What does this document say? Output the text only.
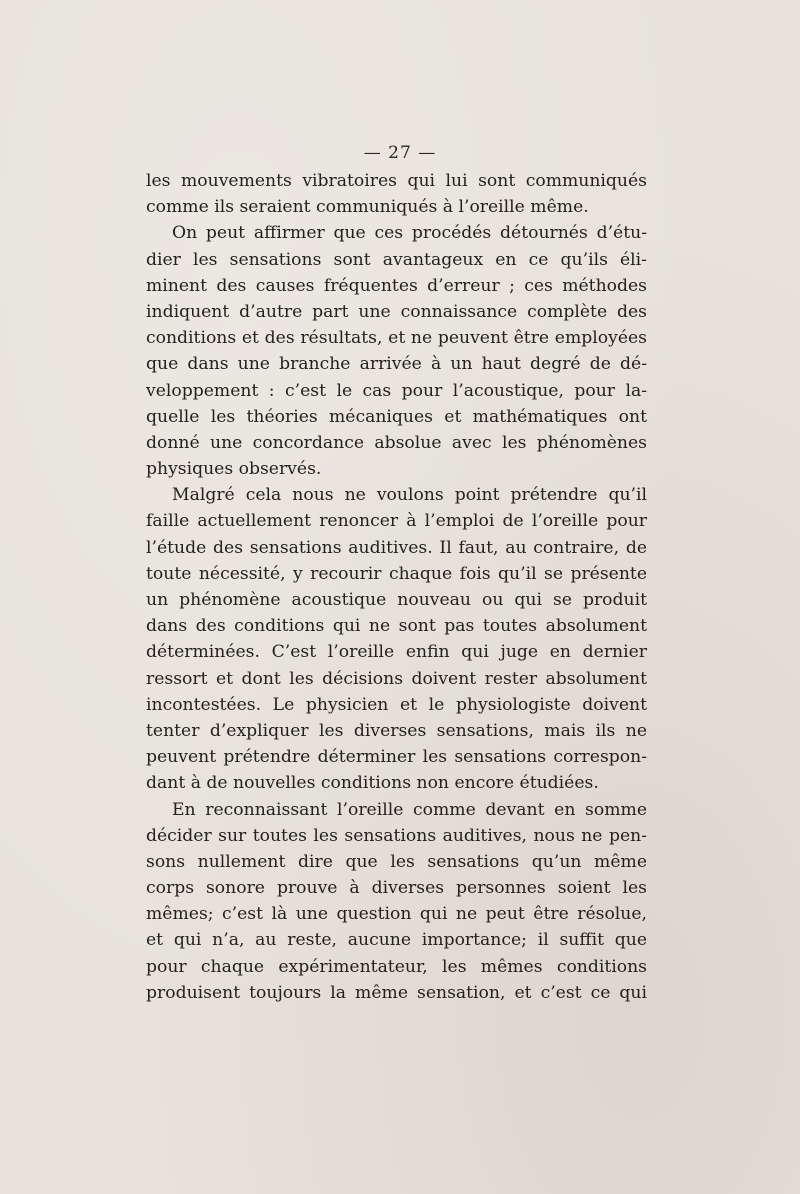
— 27 —
les mouvements vibratoires qui lui sont communiqués
comme ils seraient communiqués à l’oreille même.
On peut affirmer que ces procédés détournés d’étu-
dier les sensations sont avantageux en ce qu’ils éli-
minent des causes fréquentes d’erreur ; ces méthodes
indiquent d’autre part une connaissance complète des
conditions et des résultats, et ne peuvent être employées
que dans une branche arrivée à un haut degré de dé-
veloppement : c’est le cas pour l’acoustique, pour la-
quelle les théories mécaniques et mathématiques ont
donné une concordance absolue avec les phénomènes
physiques observés.
Malgré cela nous ne voulons point prétendre qu’il
faille actuellement renoncer à l’emploi de l’oreille pour
l’étude des sensations auditives. Il faut, au contraire, de
toute nécessité, y recourir chaque fois qu’il se présente
un phénomène acoustique nouveau ou qui se produit
dans des conditions qui ne sont pas toutes absolument
déterminées. C’est l’oreille enfin qui juge en dernier
ressort et dont les décisions doivent rester absolument
incontestées. Le physicien et le physiologiste doivent
tenter d’expliquer les diverses sensations, mais ils ne
peuvent prétendre déterminer les sensations correspon-
dant à de nouvelles conditions non encore étudiées.
En reconnaissant l’oreille comme devant en somme
décider sur toutes les sensations auditives, nous ne pen-
sons nullement dire que les sensations qu’un même
corps sonore prouve à diverses personnes soient les
mêmes; c’est là une question qui ne peut être résolue,
et qui n’a, au reste, aucune importance; il suffit que
pour chaque expérimentateur, les mêmes conditions
produisent toujours la même sensation, et c’est ce qui
